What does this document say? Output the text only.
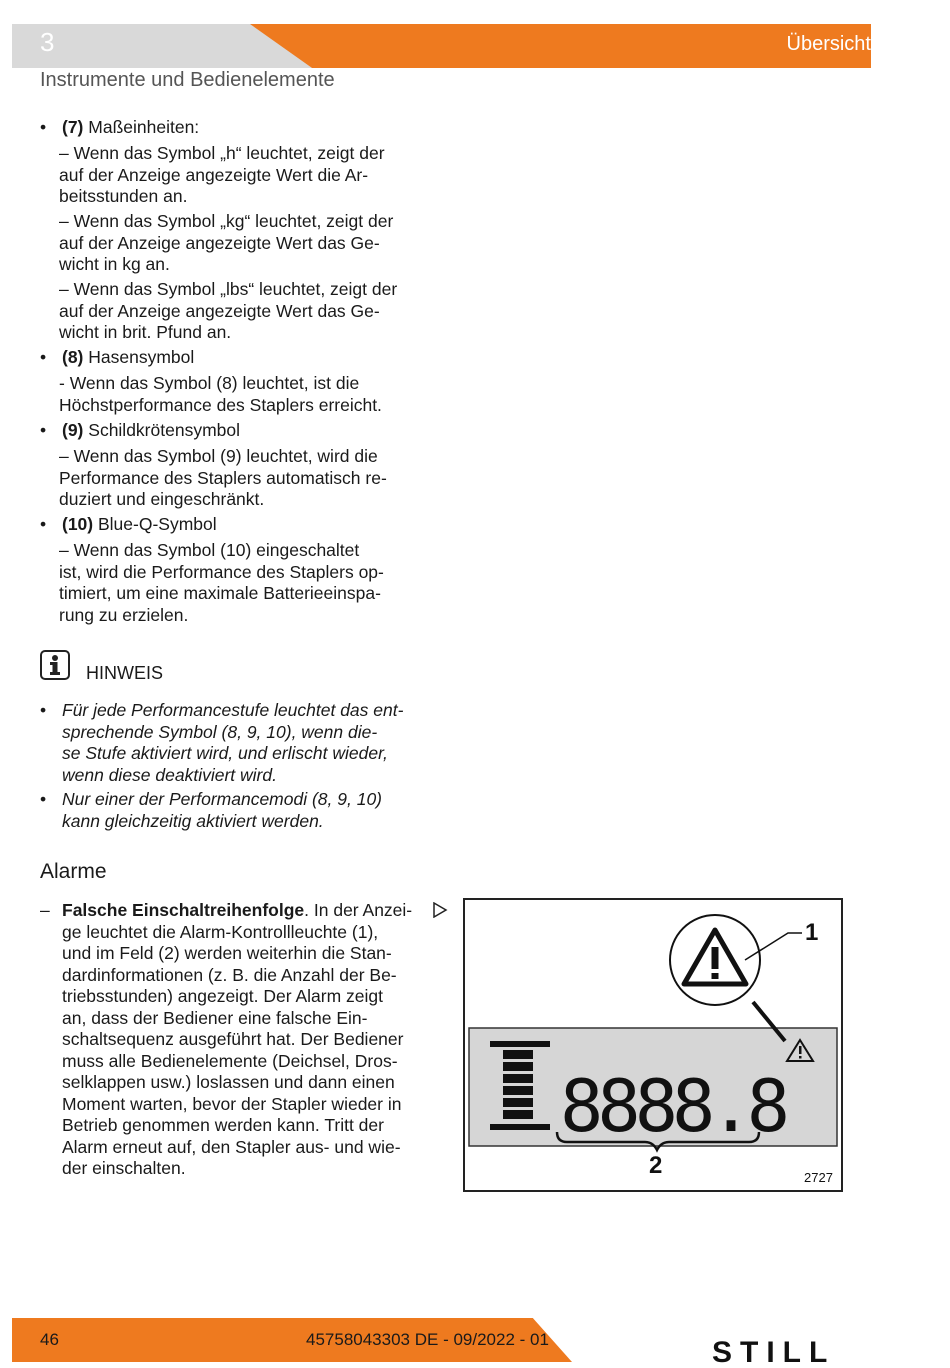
3	Übersicht
Instrumente und Bedienelemente
• (7) Maßeinheiten:
– Wenn das Symbol „h“ leuchtet, zeigt der
auf der Anzeige angezeigte Wert die Ar-
beitsstunden an.
– Wenn das Symbol „kg“ leuchtet, zeigt der
auf der Anzeige angezeigte Wert das Ge-
wicht in kg an.
– Wenn das Symbol „lbs“ leuchtet, zeigt der
auf der Anzeige angezeigte Wert das Ge-
wicht in brit. Pfund an.
• (8) Hasensymbol
- Wenn das Symbol (8) leuchtet, ist die
Höchstperformance des Staplers erreicht.
• (9) Schildkrötensymbol
– Wenn das Symbol (9) leuchtet, wird die
Performance des Staplers automatisch re-
duziert und eingeschränkt.
• (10) Blue-Q-Symbol
– Wenn das Symbol (10) eingeschaltet
ist, wird die Performance des Staplers op-
timiert, um eine maximale Batterieeinspa-
rung zu erzielen.
HINWEIS
• Für jede Performancestufe leuchtet das ent-
sprechende Symbol (8, 9, 10), wenn die-
se Stufe aktiviert wird, und erlischt wieder,
wenn diese deaktiviert wird.
• Nur einer der Performancemodi (8, 9, 10)
kann gleichzeitig aktiviert werden.
Alarme
– Falsche Einschaltreihenfolge. In der Anzei-
ge leuchtet die Alarm-Kontrollleuchte (1),
und im Feld (2) werden weiterhin die Stan-
dardinformationen (z. B. die Anzahl der Be-
triebsstunden) angezeigt. Der Alarm zeigt
an, dass der Bediener eine falsche Ein-
schaltsequenz ausgeführt hat. Der Bediener
muss alle Bedienelemente (Deichsel, Dros-
selklappen usw.) loslassen und dann einen
Moment warten, bevor der Stapler wieder in
Betrieb genommen werden kann. Tritt der
Alarm erneut auf, den Stapler aus- und wie-
der einschalten.
1
8888.8
2	2727
46	45758043303 DE - 09/2022 - 01	STILL
